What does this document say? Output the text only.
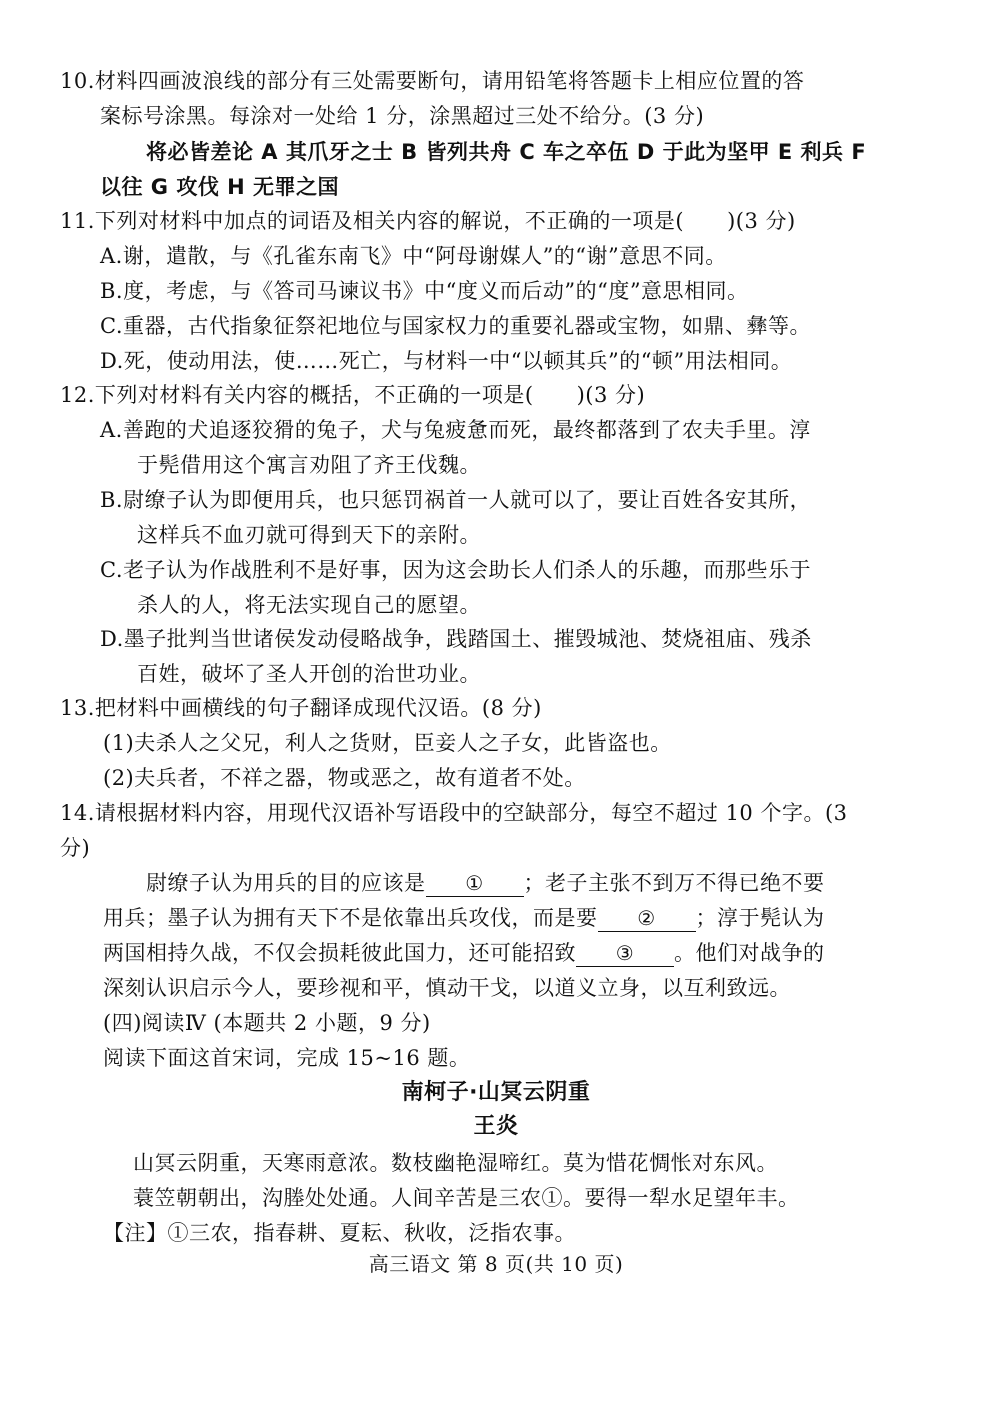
10.材料四画波浪线的部分有三处需要断句，请用铅笔将答题卡上相应位置的答
案标号涂黑。每涂对一处给 1 分，涂黑超过三处不给分。(3 分)
将必皆差论 A 其爪牙之士 B 皆列共舟 C 车之卒伍 D 于此为坚甲 E 利兵 F
以往 G 攻伐 H 无罪之国
11.下列对材料中加点的词语及相关内容的解说，不正确的一项是(　　)(3 分)
A.谢，遣散，与《孔雀东南飞》中“阿母谢媒人”的“谢”意思不同。
B.度，考虑，与《答司马谏议书》中“度义而后动”的“度”意思相同。
C.重器，古代指象征祭祀地位与国家权力的重要礼器或宝物，如鼎、彝等。
D.死，使动用法，使……死亡，与材料一中“以顿其兵”的“顿”用法相同。
12.下列对材料有关内容的概括，不正确的一项是(　　)(3 分)
A.善跑的犬追逐狡猾的兔子，犬与兔疲惫而死，最终都落到了农夫手里。淳
于髡借用这个寓言劝阻了齐王伐魏。
B.尉缭子认为即便用兵，也只惩罚祸首一人就可以了，要让百姓各安其所，
这样兵不血刃就可得到天下的亲附。
C.老子认为作战胜利不是好事，因为这会助长人们杀人的乐趣，而那些乐于
杀人的人，将无法实现自己的愿望。
D.墨子批判当世诸侯发动侵略战争，践踏国土、摧毁城池、焚烧祖庙、残杀
百姓，破坏了圣人开创的治世功业。
13.把材料中画横线的句子翻译成现代汉语。(8 分)
(1)夫杀人之父兄，利人之货财，臣妾人之子女，此皆盗也。
(2)夫兵者，不祥之器，物或恶之，故有道者不处。
14.请根据材料内容，用现代汉语补写语段中的空缺部分，每空不超过 10 个字。(3
分)
尉缭子认为用兵的目的应该是 ① ；老子主张不到万不得已绝不要
用兵；墨子认为拥有天下不是依靠出兵攻伐，而是要 ② ；淳于髡认为
两国相持久战，不仅会损耗彼此国力，还可能招致 ③ 。他们对战争的
深刻认识启示今人，要珍视和平，慎动干戈，以道义立身，以互利致远。
(四)阅读Ⅳ (本题共 2 小题，9 分)
阅读下面这首宋词，完成 15~16 题。
南柯子·山冥云阴重
王炎
山冥云阴重，天寒雨意浓。数枝幽艳湿啼红。莫为惜花惆怅对东风。
蓑笠朝朝出，沟塍处处通。人间辛苦是三农①。要得一犁水足望年丰。
【注】①三农，指春耕、夏耘、秋收，泛指农事。
高三语文 第 8 页(共 10 页)
